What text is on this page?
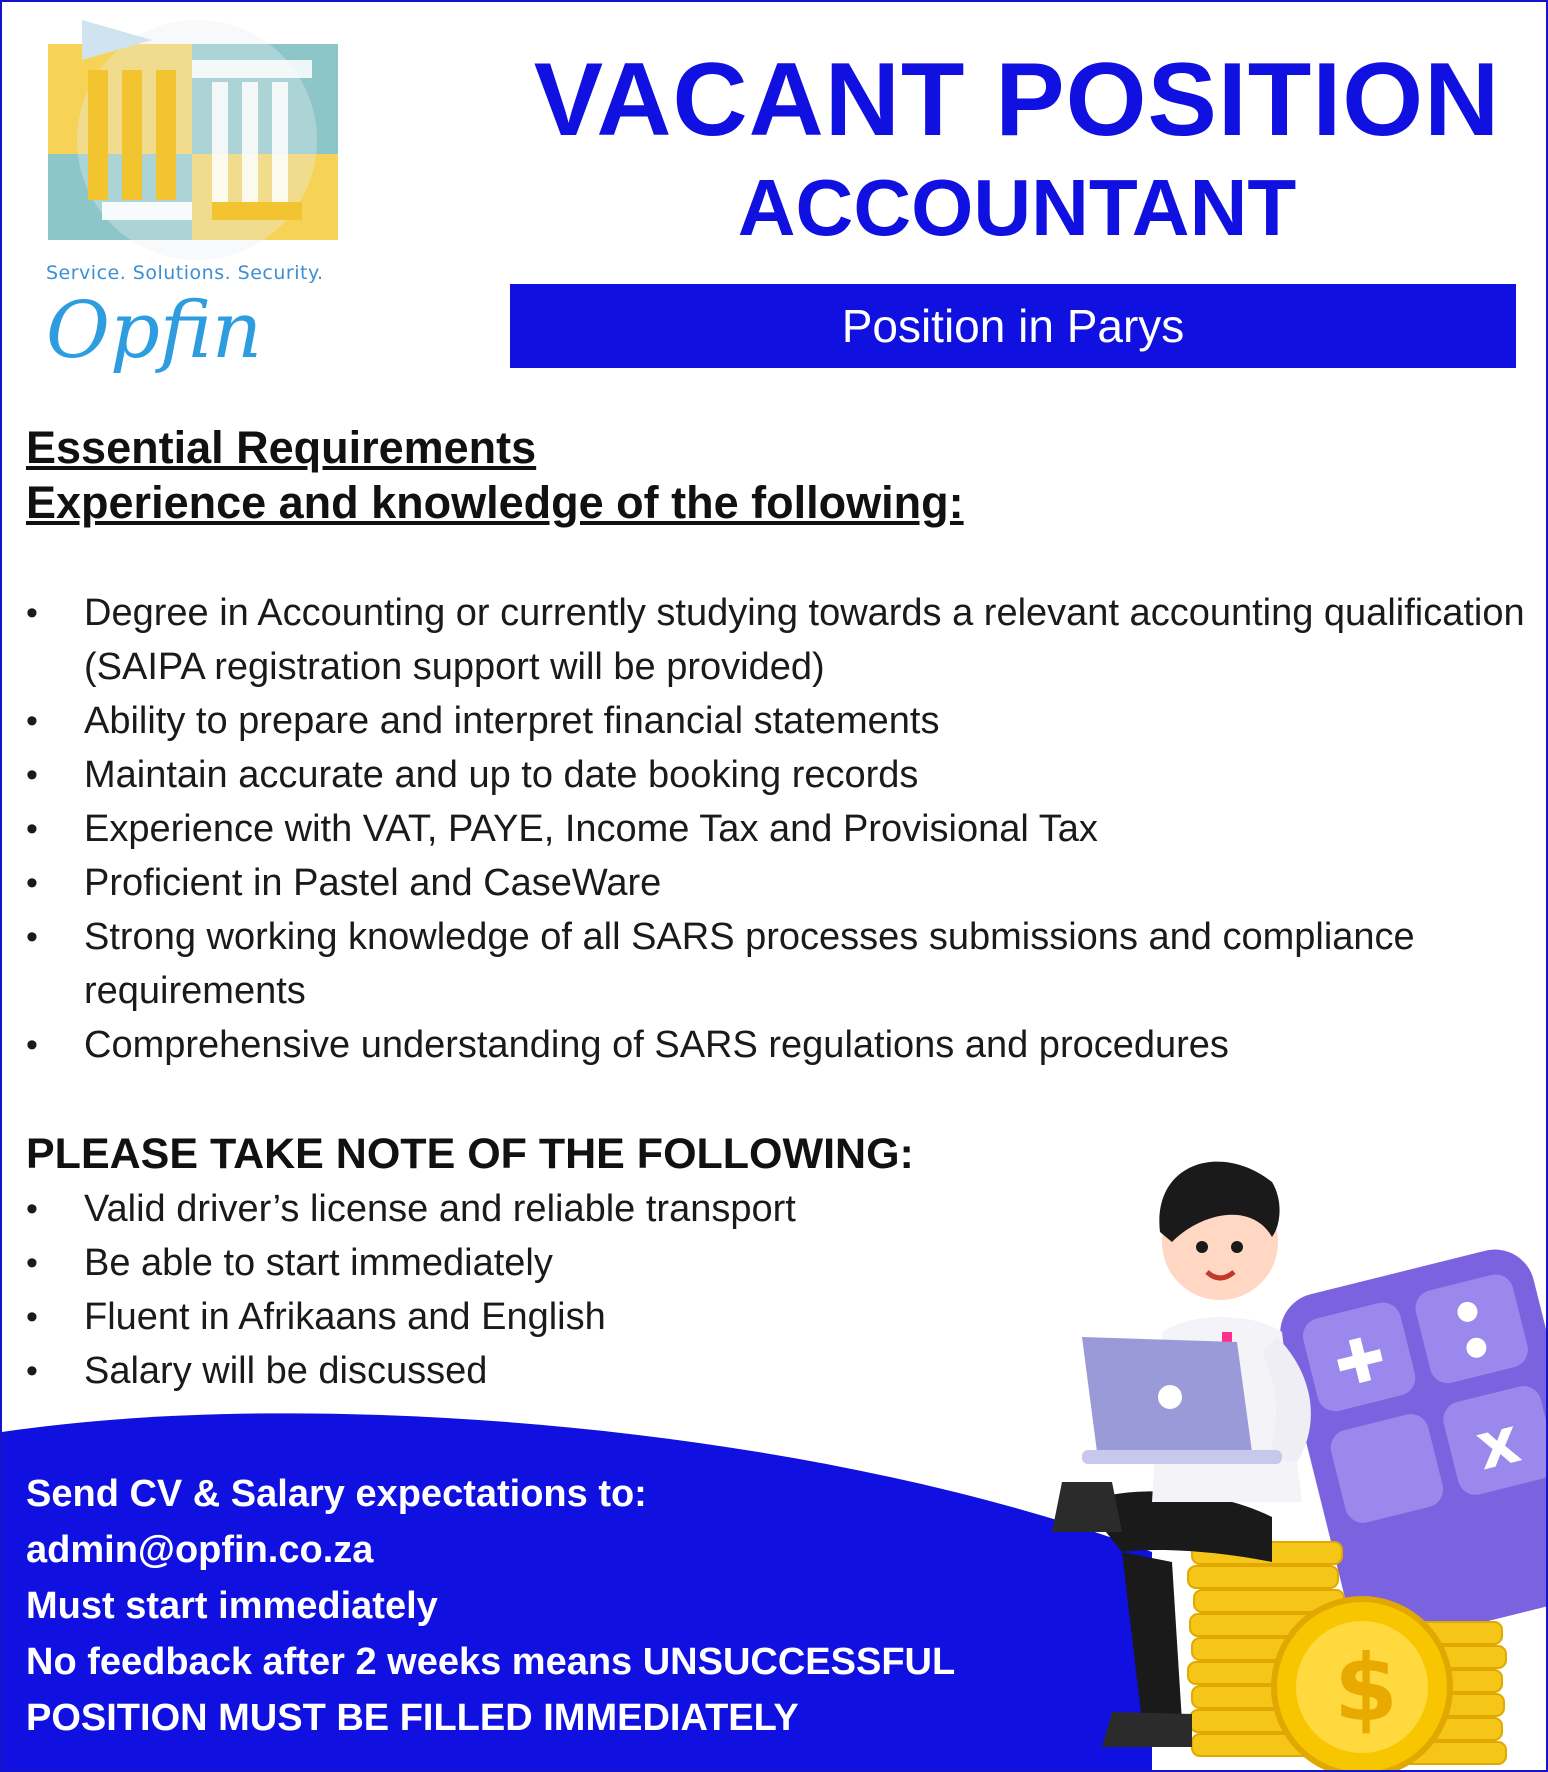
Service. Solutions. Security.
Opfin
VACANT POSITION
ACCOUNTANT
Position in Parys
Essential Requirements
Experience and knowledge of the following:
• Degree in Accounting or currently studying towards a relevant accounting qualification (SAIPA registration support will be provided)
• Ability to prepare and interpret financial statements
• Maintain accurate and up to date booking records
• Experience with VAT, PAYE, Income Tax and Provisional Tax
• Proficient in Pastel and CaseWare
• Strong working knowledge of all SARS processes submissions and compliance requirements
• Comprehensive understanding of SARS regulations and procedures
PLEASE TAKE NOTE OF THE FOLLOWING:
• Valid driver’s license and reliable transport
• Be able to start immediately
• Fluent in Afrikaans and English
• Salary will be discussed
x
$
Send CV & Salary expectations to:
admin@opfin.co.za
Must start immediately
No feedback after 2 weeks means UNSUCCESSFUL
POSITION MUST BE FILLED IMMEDIATELY
